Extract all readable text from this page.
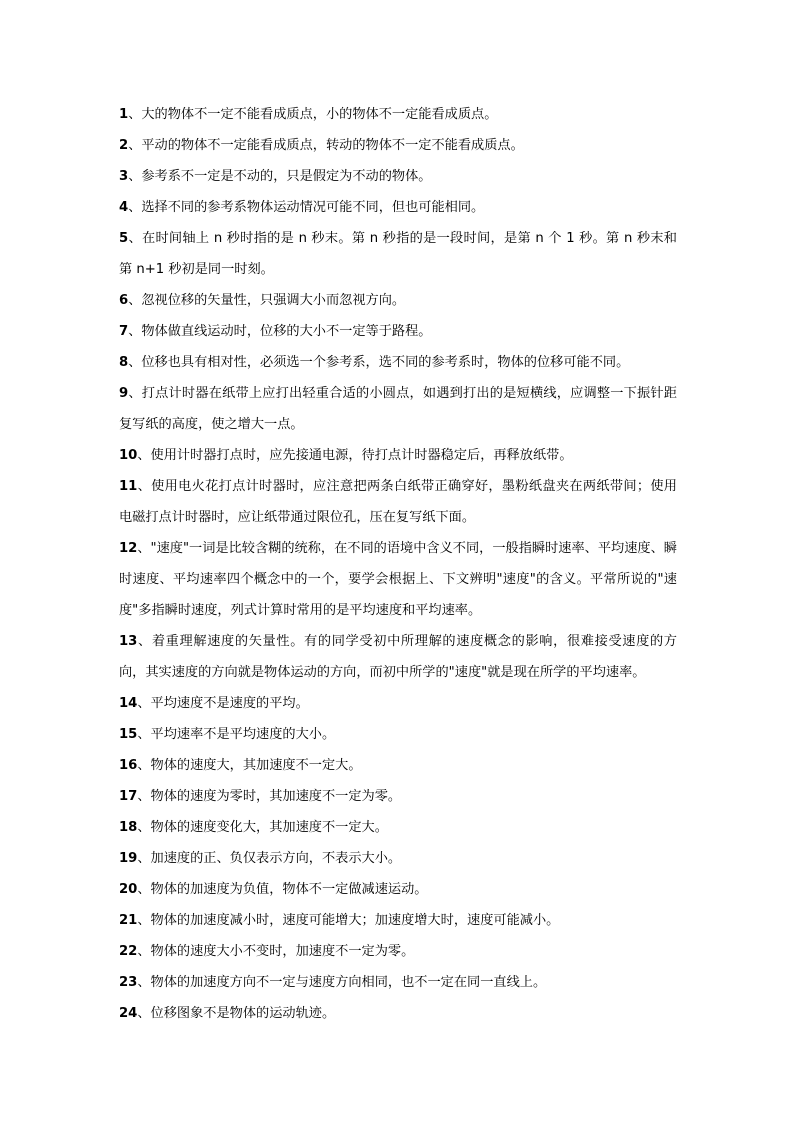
1、大的物体不一定不能看成质点，小的物体不一定能看成质点。

2、平动的物体不一定能看成质点，转动的物体不一定不能看成质点。

3、参考系不一定是不动的，只是假定为不动的物体。

4、选择不同的参考系物体运动情况可能不同，但也可能相同。

5、在时间轴上 n 秒时指的是 n 秒末。第 n 秒指的是一段时间，是第 n 个 1 秒。第 n 秒末和第 n+1 秒初是同一时刻。

6、忽视位移的矢量性，只强调大小而忽视方向。

7、物体做直线运动时，位移的大小不一定等于路程。

8、位移也具有相对性，必须选一个参考系，选不同的参考系时，物体的位移可能不同。

9、打点计时器在纸带上应打出轻重合适的小圆点，如遇到打出的是短横线，应调整一下振针距复写纸的高度，使之增大一点。

10、使用计时器打点时，应先接通电源，待打点计时器稳定后，再释放纸带。

11、使用电火花打点计时器时，应注意把两条白纸带正确穿好，墨粉纸盘夹在两纸带间；使用电磁打点计时器时，应让纸带通过限位孔，压在复写纸下面。

12、"速度"一词是比较含糊的统称，在不同的语境中含义不同，一般指瞬时速率、平均速度、瞬时速度、平均速率四个概念中的一个，要学会根据上、下文辨明"速度"的含义。平常所说的"速度"多指瞬时速度，列式计算时常用的是平均速度和平均速率。

13、着重理解速度的矢量性。有的同学受初中所理解的速度概念的影响，很难接受速度的方向，其实速度的方向就是物体运动的方向，而初中所学的"速度"就是现在所学的平均速率。

14、平均速度不是速度的平均。

15、平均速率不是平均速度的大小。

16、物体的速度大，其加速度不一定大。

17、物体的速度为零时，其加速度不一定为零。

18、物体的速度变化大，其加速度不一定大。

19、加速度的正、负仅表示方向，不表示大小。

20、物体的加速度为负值，物体不一定做减速运动。

21、物体的加速度减小时，速度可能增大；加速度增大时，速度可能减小。

22、物体的速度大小不变时，加速度不一定为零。

23、物体的加速度方向不一定与速度方向相同，也不一定在同一直线上。

24、位移图象不是物体的运动轨迹。
